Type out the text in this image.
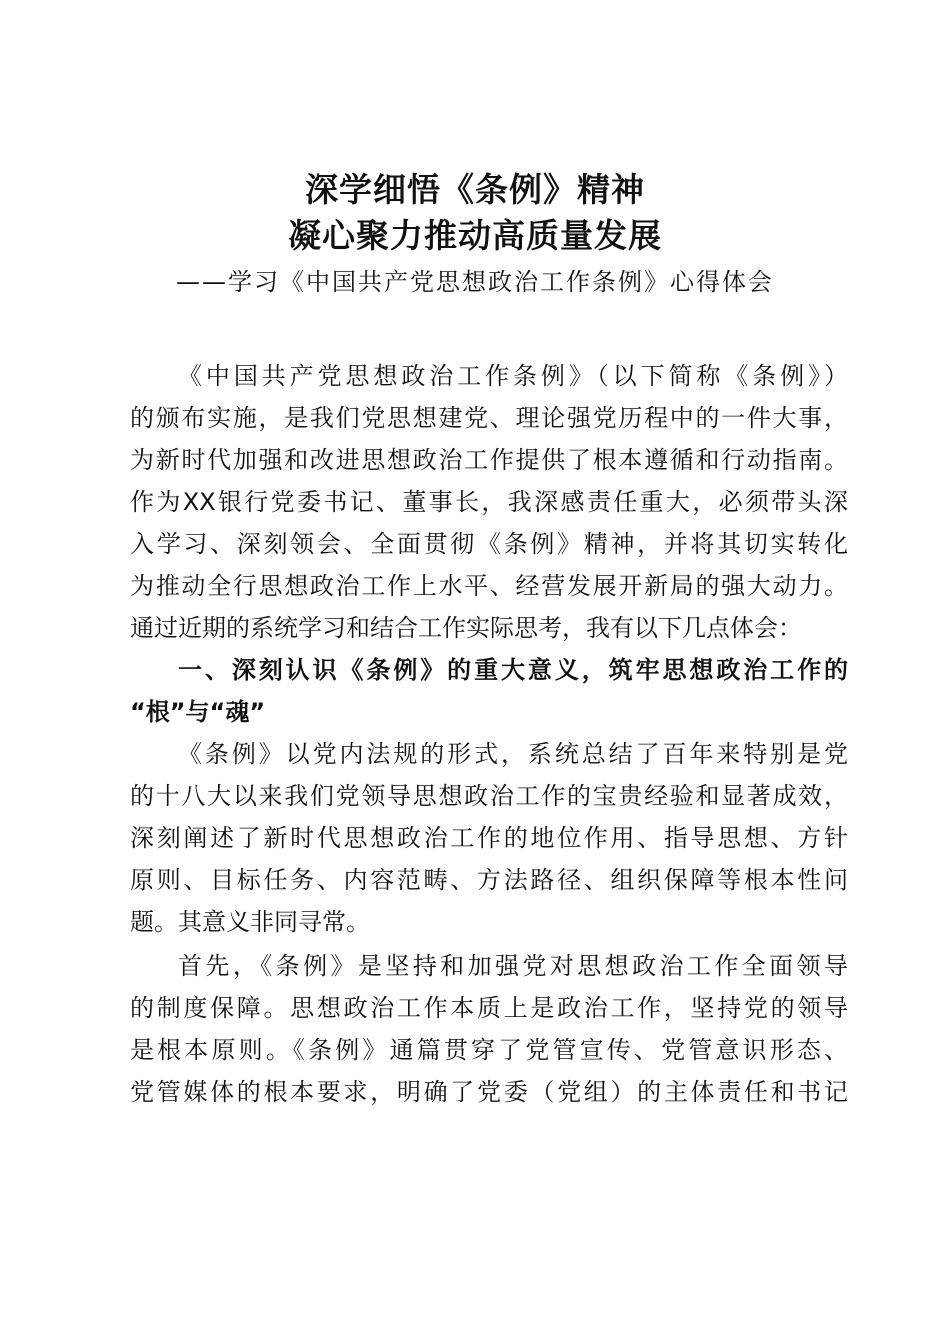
深学细悟《条例》精神
凝心聚力推动高质量发展

——学习《中国共产党思想政治工作条例》心得体会

《中国共产党思想政治工作条例》（以下简称《条例》）

的颁布实施，是我们党思想建党、理论强党历程中的一件大事，

为新时代加强和改进思想政治工作提供了根本遵循和行动指南。

作为XX银行党委书记、董事长，我深感责任重大，必须带头深

入学习、深刻领会、全面贯彻《条例》精神，并将其切实转化

为推动全行思想政治工作上水平、经营发展开新局的强大动力。

通过近期的系统学习和结合工作实际思考，我有以下几点体会：

一、深刻认识《条例》的重大意义，筑牢思想政治工作的

“根”与“魂”

《条例》以党内法规的形式，系统总结了百年来特别是党

的十八大以来我们党领导思想政治工作的宝贵经验和显著成效，

深刻阐述了新时代思想政治工作的地位作用、指导思想、方针

原则、目标任务、内容范畴、方法路径、组织保障等根本性问

题。其意义非同寻常。

首先，《条例》是坚持和加强党对思想政治工作全面领导

的制度保障。思想政治工作本质上是政治工作，坚持党的领导

是根本原则。《条例》通篇贯穿了党管宣传、党管意识形态、

党管媒体的根本要求，明确了党委（党组）的主体责任和书记
